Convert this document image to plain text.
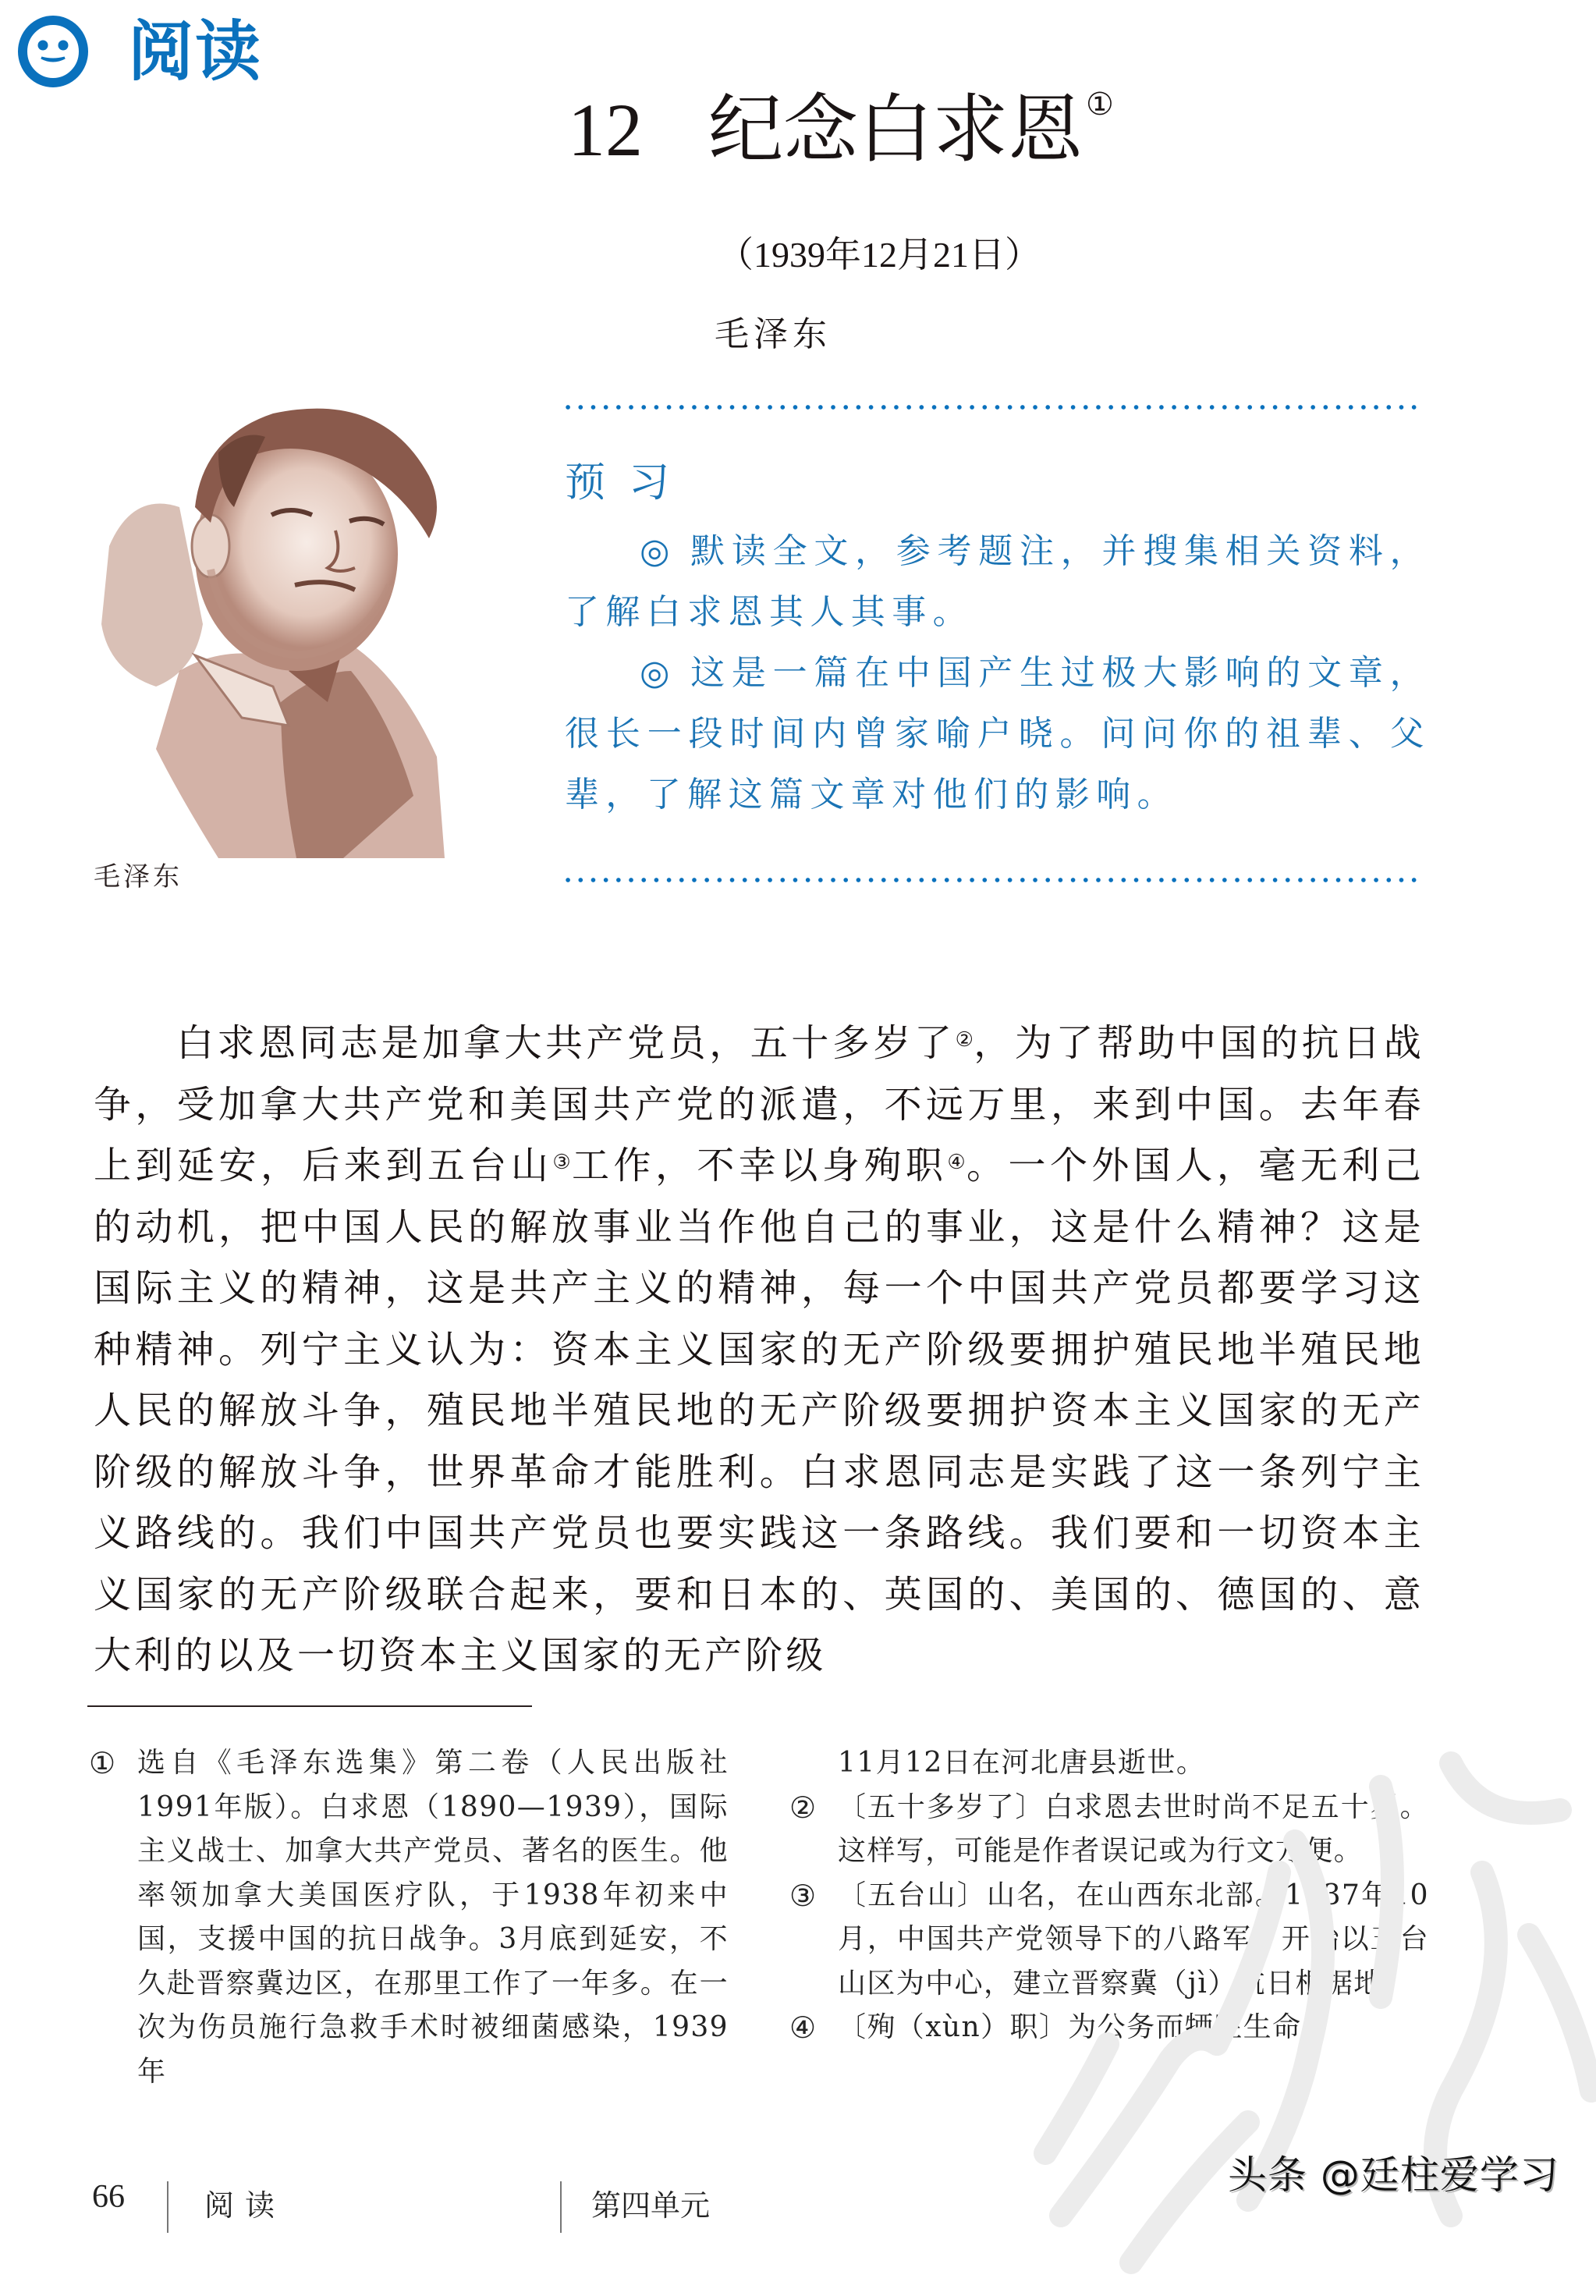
阅读
12 纪念白求恩 ①
（1939年12月21日）
毛泽东
毛泽东
预习
◎ 默读全文，参考题注，并搜集相关资料，了解白求恩其人其事。
◎ 这是一篇在中国产生过极大影响的文章，很长一段时间内曾家喻户晓。问问你的祖辈、父辈，了解这篇文章对他们的影响。
白求恩同志是加拿大共产党员，五十多岁了②，为了帮助中国的抗日战争，受加拿大共产党和美国共产党的派遣，不远万里，来到中国。去年春上到延安，后来到五台山③工作，不幸以身殉职④。一个外国人，毫无利己的动机，把中国人民的解放事业当作他自己的事业，这是什么精神？这是国际主义的精神，这是共产主义的精神，每一个中国共产党员都要学习这种精神。列宁主义认为：资本主义国家的无产阶级要拥护殖民地半殖民地人民的解放斗争，殖民地半殖民地的无产阶级要拥护资本主义国家的无产阶级的解放斗争，世界革命才能胜利。白求恩同志是实践了这一条列宁主义路线的。我们中国共产党员也要实践这一条路线。我们要和一切资本主义国家的无产阶级联合起来，要和日本的、英国的、美国的、德国的、意大利的以及一切资本主义国家的无产阶级
① 选自《毛泽东选集》第二卷（人民出版社1991年版）。白求恩（1890—1939），国际主义战士、加拿大共产党员、著名的医生。他率领加拿大美国医疗队，于1938年初来中国，支援中国的抗日战争。3月底到延安，不久赴晋察冀边区，在那里工作了一年多。在一次为伤员施行急救手术时被细菌感染，1939年
11月12日在河北唐县逝世。
② 〔五十多岁了〕白求恩去世时尚不足五十岁。这样写，可能是作者误记或为行文方便。
③ 〔五台山〕山名，在山西东北部。1937年10月，中国共产党领导下的八路军，开始以五台山区为中心，建立晋察冀（jì）抗日根据地。
④ 〔殉（xùn）职〕为公务而牺牲生命。
66	阅读	第四单元
头条 @廷柱爱学习
